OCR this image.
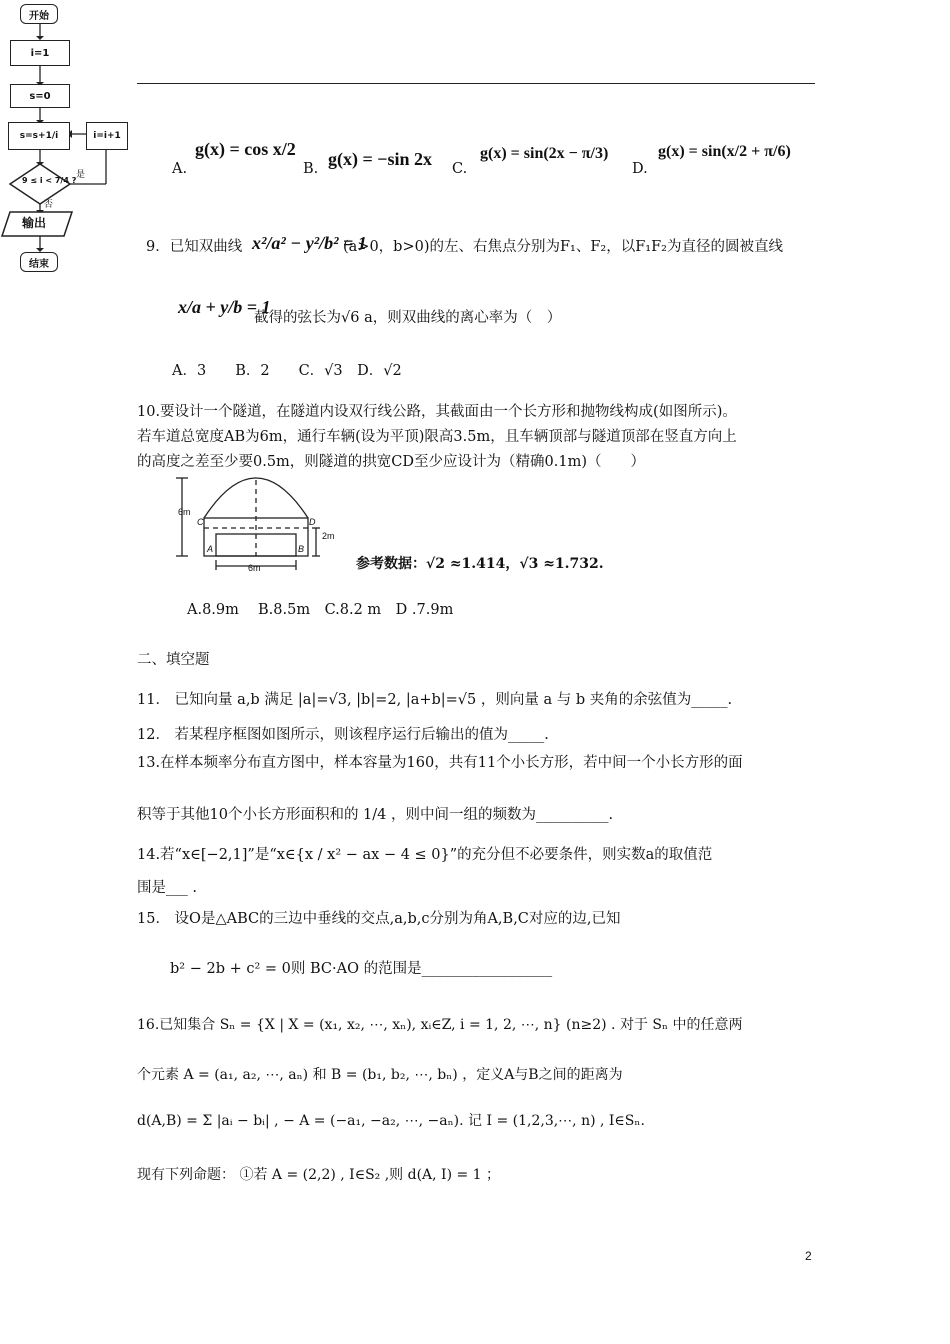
开始
i=1
s=0
s=s+1/i	i=i+1
9 ≤ i < 7/4 ?
是
否
输出
结束
A.
g(x) = cos x/2
B. g(x) = −sin 2x C.
g(x) = sin(2x − π/3)
D.
g(x) = sin(x/2 + π/6)
9．已知双曲线 x²/a² − y²/b² = 1
(a>0，b>0)的左、右焦点分别为F₁、F₂，以F₁F₂为直径的圆被直线
x/a + y/b = 1
截得的弦长为√6 a，则双曲线的离心率为（　）
A．3　　B．2　　C．√3　D．√2
10.要设计一个隧道，在隧道内设双行线公路，其截面由一个长方形和抛物线构成(如图所示)。
若车道总宽度AB为6m，通行车辆(设为平顶)限高3.5m，且车辆顶部与隧道顶部在竖直方向上
的高度之差至少要0.5m，则隧道的拱宽CD至少应设计为（精确0.1m)（　　）
6m
6m
2m
A	B
C	D
参考数据：√2 ≈1.414，√3 ≈1.732.
A.8.9m　 B.8.5m　C.8.2 m　D .7.9m
二、填空题
11． 已知向量 a,b 满足 |a|=√3, |b|=2, |a+b|=√5 ，则向量 a 与 b 夹角的余弦值为_____.
12． 若某程序框图如图所示，则该程序运行后输出的值为_____.
13.在样本频率分布直方图中，样本容量为160，共有11个小长方形，若中间一个小长方形的面
积等于其他10个小长方形面积和的 1/4 ，则中间一组的频数为__________.
14.若“x∈[−2,1]”是“x∈{x / x² − ax − 4 ≤ 0}”的充分但不必要条件，则实数a的取值范
围是___ .
15． 设O是△ABC的三边中垂线的交点,a,b,c分别为角A,B,C对应的边,已知
b² − 2b + c² = 0则 BC·AO 的范围是__________________
16.已知集合 Sₙ = {X | X = (x₁, x₂, ⋯, xₙ), xᵢ∈Z, i = 1, 2, ⋯, n} (n≥2) . 对于 Sₙ 中的任意两
个元素 A = (a₁, a₂, ⋯, aₙ) 和 B = (b₁, b₂, ⋯, bₙ) ，定义A与B之间的距离为
d(A,B) = Σ |aᵢ − bᵢ| , − A = (−a₁, −a₂, ⋯, −aₙ). 记 I = (1,2,3,⋯, n) , I∈Sₙ.
现有下列命题： ①若 A = (2,2) , I∈S₂ ,则 d(A, I) = 1 ；
2
